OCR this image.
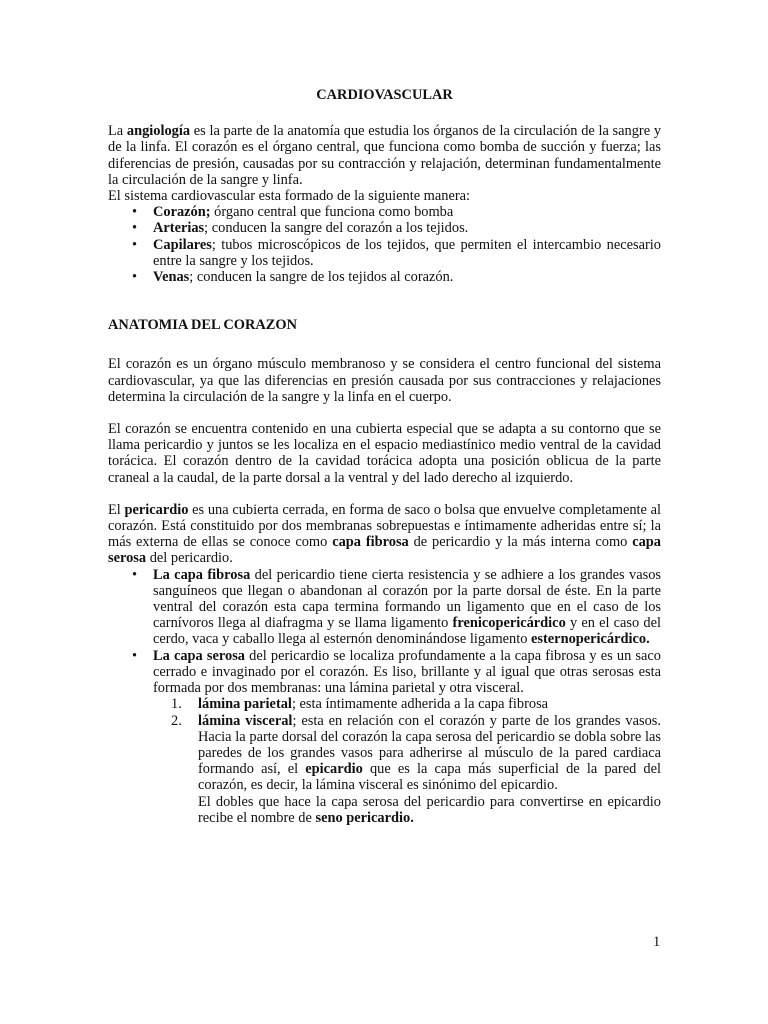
CARDIOVASCULAR

La angiología es la parte de la anatomía que estudia los órganos de la circulación de la sangre y de la linfa. El corazón es el órgano central, que funciona como bomba de succión y fuerza; las diferencias de presión, causadas por su contracción y relajación, determinan fundamentalmente la circulación de la sangre y linfa.

El sistema cardiovascular esta formado de la siguiente manera:

• Corazón; órgano central que funciona como bomba
• Arterias; conducen la sangre del corazón a los tejidos.
• Capilares; tubos microscópicos de los tejidos, que permiten el intercambio necesario entre la sangre y los tejidos.
• Venas; conducen la sangre de los tejidos al corazón.
ANATOMIA DEL CORAZON

El corazón es un órgano músculo membranoso y se considera el centro funcional del sistema cardiovascular, ya que las diferencias en presión causada por sus contracciones y relajaciones determina la circulación de la sangre y la linfa en el cuerpo.

El corazón se encuentra contenido en una cubierta especial que se adapta a su contorno que se llama pericardio y juntos se les localiza en el espacio mediastínico medio ventral de la cavidad torácica. El corazón dentro de la cavidad torácica adopta una posición oblicua de la parte craneal a la caudal, de la parte dorsal a la ventral y del lado derecho al izquierdo.

El pericardio es una cubierta cerrada, en forma de saco o bolsa que envuelve completamente al corazón. Está constituido por dos membranas sobrepuestas e íntimamente adheridas entre sí; la más externa de ellas se conoce como capa fibrosa de pericardio y la más interna como capa serosa del pericardio.

• La capa fibrosa del pericardio tiene cierta resistencia y se adhiere a los grandes vasos sanguíneos que llegan o abandonan al corazón por la parte dorsal de éste. En la parte ventral del corazón esta capa termina formando un ligamento que en el caso de los carnívoros llega al diafragma y se llama ligamento frenicopericárdico y en el caso del cerdo, vaca y caballo llega al esternón denominándose ligamento esternopericárdico.
• La capa serosa del pericardio se localiza profundamente a la capa fibrosa y es un saco cerrado e invaginado por el corazón. Es liso, brillante y al igual que otras serosas esta formada por dos membranas: una lámina parietal y otra visceral.
1. lámina parietal; esta íntimamente adherida a la capa fibrosa
2. lámina visceral; esta en relación con el corazón y parte de los grandes vasos. Hacia la parte dorsal del corazón la capa serosa del pericardio se dobla sobre las paredes de los grandes vasos para adherirse al músculo de la pared cardiaca formando así, el epicardio que es la capa más superficial de la pared del corazón, es decir, la lámina visceral es sinónimo del epicardio.
El dobles que hace la capa serosa del pericardio para convertirse en epicardio recibe el nombre de seno pericardio.
1
